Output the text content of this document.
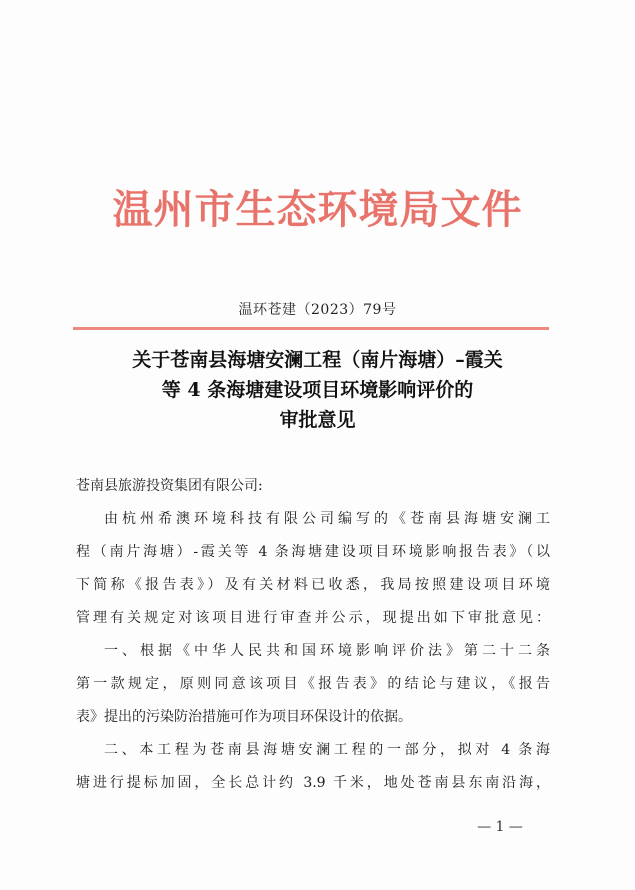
温州市生态环境局文件
温环苍建（2023）79号
关于苍南县海塘安澜工程（南片海塘）–霞关
等 4 条海塘建设项目环境影响评价的
审批意见
苍南县旅游投资集团有限公司:
由杭州希澳环境科技有限公司编写的《苍南县海塘安澜工
程（南片海塘）-霞关等 4 条海塘建设项目环境影响报告表》（以
下简称《报告表》）及有关材料已收悉，我局按照建设项目环境
管理有关规定对该项目进行审查并公示，现提出如下审批意见：
一、根据《中华人民共和国环境影响评价法》第二十二条
第一款规定，原则同意该项目《报告表》的结论与建议，《报告
表》提出的污染防治措施可作为项目环保设计的依据。
二、本工程为苍南县海塘安澜工程的一部分，拟对 4 条海
塘进行提标加固，全长总计约 3.9 千米，地处苍南县东南沿海，
— 1 —
